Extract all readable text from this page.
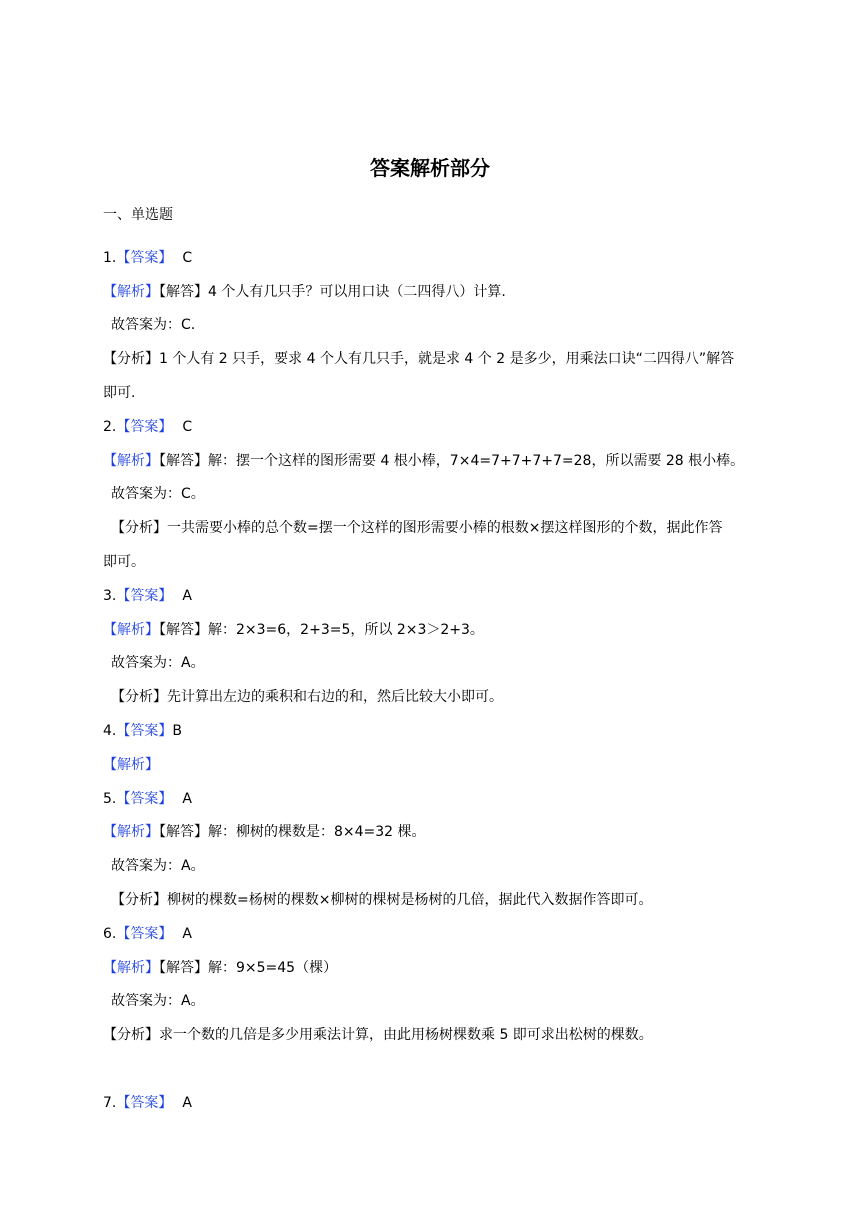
答案解析部分
一、单选题
1.【答案】 C
【解析】【解答】4 个人有几只手？可以用口诀（二四得八）计算.
故答案为：C.
【分析】1 个人有 2 只手，要求 4 个人有几只手，就是求 4 个 2 是多少，用乘法口诀“二四得八”解答
即可.
2.【答案】 C
【解析】【解答】解：摆一个这样的图形需要 4 根小棒，7×4=7+7+7+7=28，所以需要 28 根小棒。
故答案为：C。
【分析】一共需要小棒的总个数=摆一个这样的图形需要小棒的根数×摆这样图形的个数，据此作答
即可。
3.【答案】 A
【解析】【解答】解：2×3=6，2+3=5，所以 2×3＞2+3。
故答案为：A。
【分析】先计算出左边的乘积和右边的和，然后比较大小即可。
4.【答案】B
【解析】
5.【答案】 A
【解析】【解答】解：柳树的棵数是：8×4=32 棵。
故答案为：A。
【分析】柳树的棵数=杨树的棵数×柳树的棵树是杨树的几倍，据此代入数据作答即可。
6.【答案】 A
【解析】【解答】解：9×5=45（棵）
故答案为：A。
【分析】求一个数的几倍是多少用乘法计算，由此用杨树棵数乘 5 即可求出松树的棵数。
7.【答案】 A
